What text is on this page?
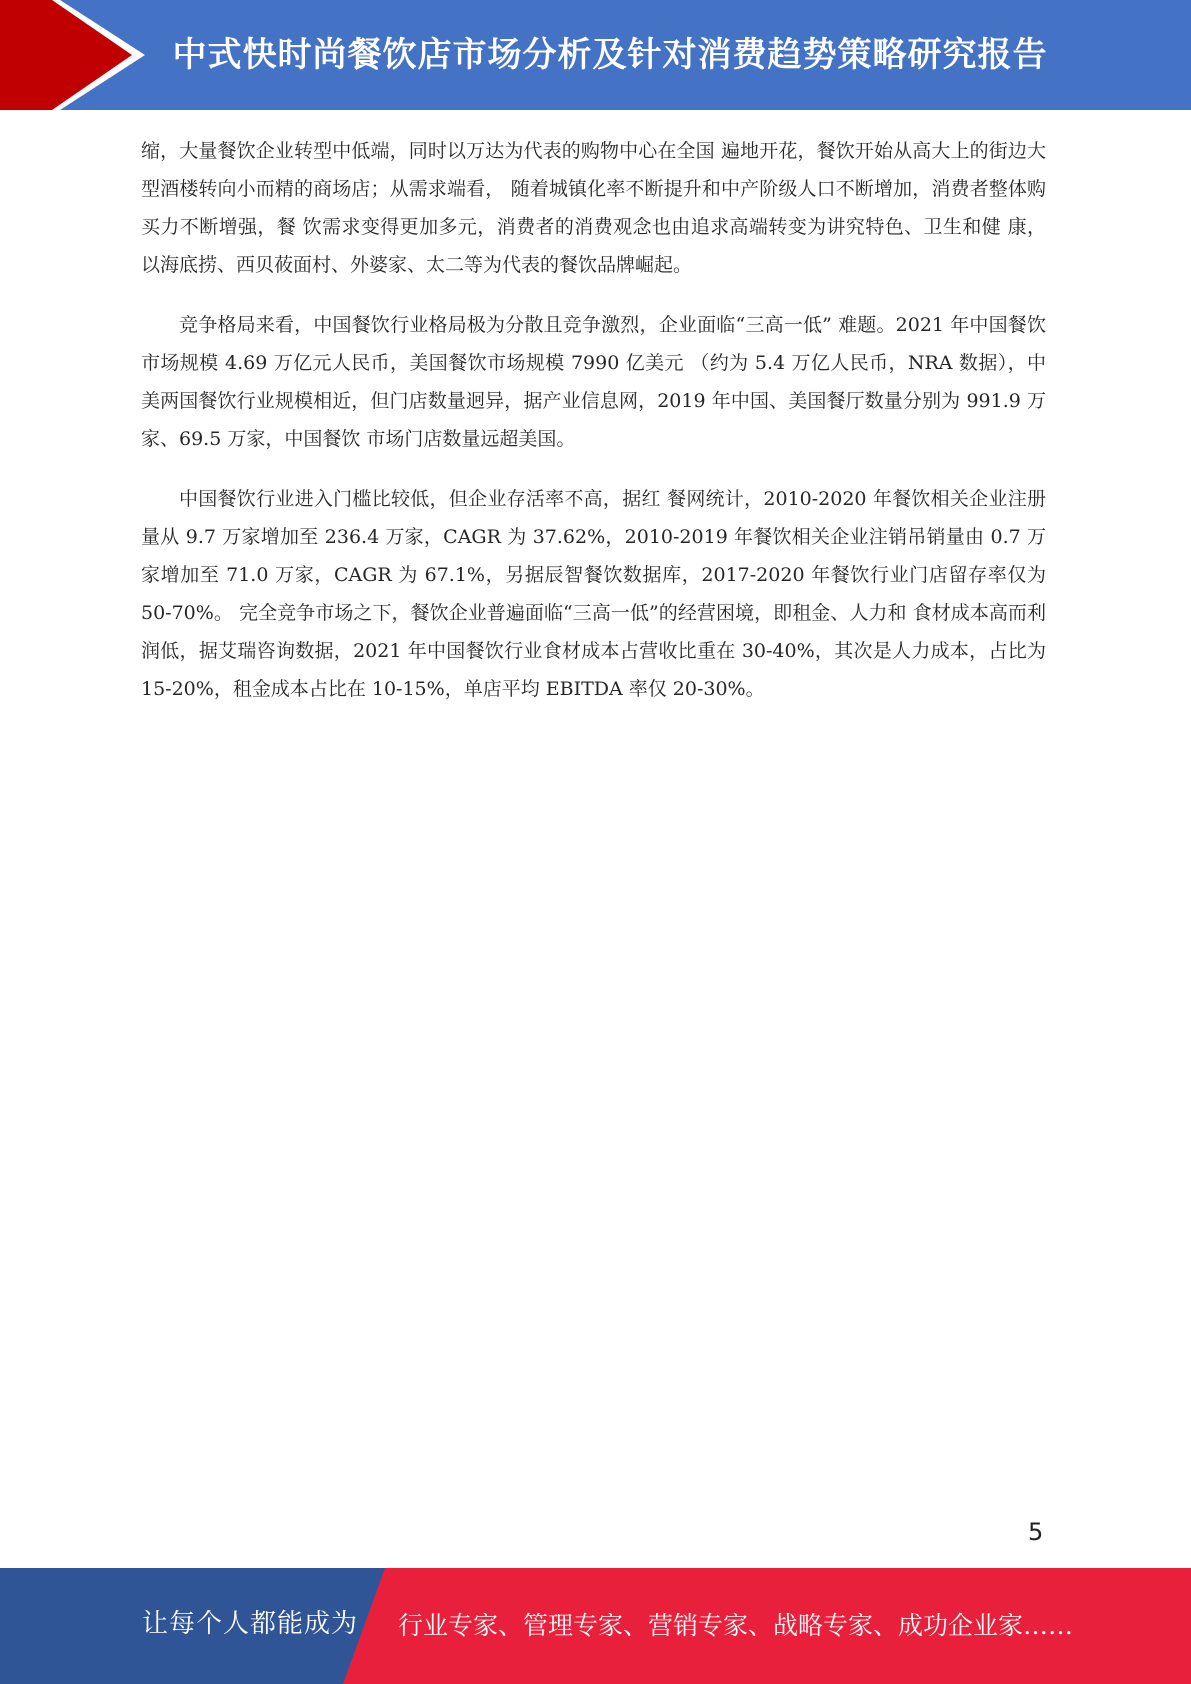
中式快时尚餐饮店市场分析及针对消费趋势策略研究报告

缩，大量餐饮企业转型中低端，同时以万达为代表的购物中心在全国 遍地开花，餐饮开始从高大上的街边大型酒楼转向小而精的商场店；从需求端看， 随着城镇化率不断提升和中产阶级人口不断增加，消费者整体购买力不断增强，餐 饮需求变得更加多元，消费者的消费观念也由追求高端转变为讲究特色、卫生和健 康，以海底捞、西贝莜面村、外婆家、太二等为代表的餐饮品牌崛起。

竞争格局来看，中国餐饮行业格局极为分散且竞争激烈，企业面临“三高一低” 难题。2021 年中国餐饮市场规模 4.69 万亿元人民币，美国餐饮市场规模 7990 亿美元 （约为 5.4 万亿人民币，NRA 数据），中美两国餐饮行业规模相近，但门店数量迥异，据产业信息网，2019 年中国、美国餐厅数量分别为 991.9 万家、69.5 万家，中国餐饮 市场门店数量远超美国。

中国餐饮行业进入门槛比较低，但企业存活率不高，据红 餐网统计，2010-2020 年餐饮相关企业注册量从 9.7 万家增加至 236.4 万家，CAGR 为 37.62%，2010-2019 年餐饮相关企业注销吊销量由 0.7 万家增加至 71.0 万家，CAGR 为 67.1%，另据辰智餐饮数据库，2017-2020 年餐饮行业门店留存率仅为 50-70%。 完全竞争市场之下，餐饮企业普遍面临“三高一低”的经营困境，即租金、人力和 食材成本高而利润低，据艾瑞咨询数据，2021 年中国餐饮行业食材成本占营收比重在 30-40%，其次是人力成本，占比为 15-20%，租金成本占比在 10-15%，单店平均 EBITDA 率仅 20-30%。

5
让每个人都能成为 行业专家、管理专家、营销专家、战略专家、成功企业家……
